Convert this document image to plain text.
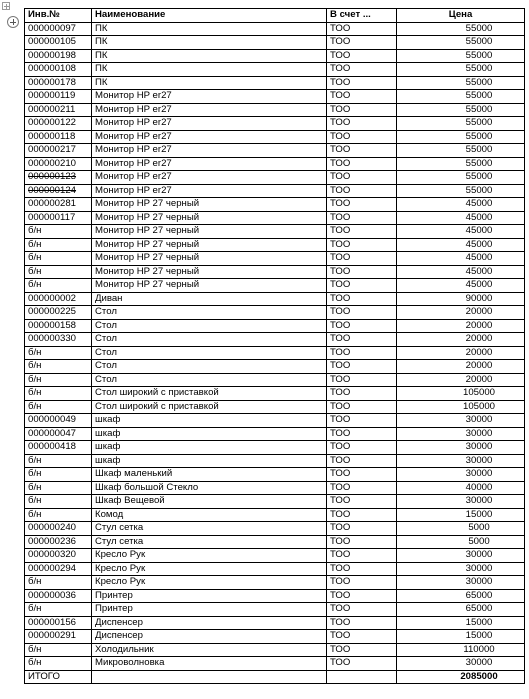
Инв.№	Наименование	В счет ...	Цена
000000097	ПК	ТОО	55000
000000105	ПК	ТОО	55000
000000198	ПК	ТОО	55000
000000108	ПК	ТОО	55000
000000178	ПК	ТОО	55000
000000119	Монитор HP er27	ТОО	55000
000000211	Монитор HP er27	ТОО	55000
000000122	Монитор HP er27	ТОО	55000
000000118	Монитор HP er27	ТОО	55000
000000217	Монитор HP er27	ТОО	55000
000000210	Монитор HP er27	ТОО	55000
000000123	Монитор HP er27	ТОО	55000
000000124	Монитор HP er27	ТОО	55000
000000281	Монитор HP 27 черный	ТОО	45000
000000117	Монитор HP 27 черный	ТОО	45000
б/н	Монитор HP 27 черный	ТОО	45000
б/н	Монитор HP 27 черный	ТОО	45000
б/н	Монитор HP 27 черный	ТОО	45000
б/н	Монитор HP 27 черный	ТОО	45000
б/н	Монитор HP 27 черный	ТОО	45000
000000002	Диван	ТОО	90000
000000225	Стол	ТОО	20000
000000158	Стол	ТОО	20000
000000330	Стол	ТОО	20000
б/н	Стол	ТОО	20000
б/н	Стол	ТОО	20000
б/н	Стол	ТОО	20000
б/н	Стол широкий с приставкой	ТОО	105000
б/н	Стол широкий с приставкой	ТОО	105000
000000049	шкаф	ТОО	30000
000000047	шкаф	ТОО	30000
000000418	шкаф	ТОО	30000
б/н	шкаф	ТОО	30000
б/н	Шкаф маленький	ТОО	30000
б/н	Шкаф большой Стекло	ТОО	40000
б/н	Шкаф Вещевой	ТОО	30000
б/н	Комод	ТОО	15000
000000240	Стул сетка	ТОО	5000
000000236	Стул сетка	ТОО	5000
000000320	Кресло Рук	ТОО	30000
000000294	Кресло Рук	ТОО	30000
б/н	Кресло Рук	ТОО	30000
000000036	Принтер	ТОО	65000
б/н	Принтер	ТОО	65000
000000156	Диспенсер	ТОО	15000
000000291	Диспенсер	ТОО	15000
б/н	Холодильник	ТОО	110000
б/н	Микроволновка	ТОО	30000
ИТОГО			2085000
